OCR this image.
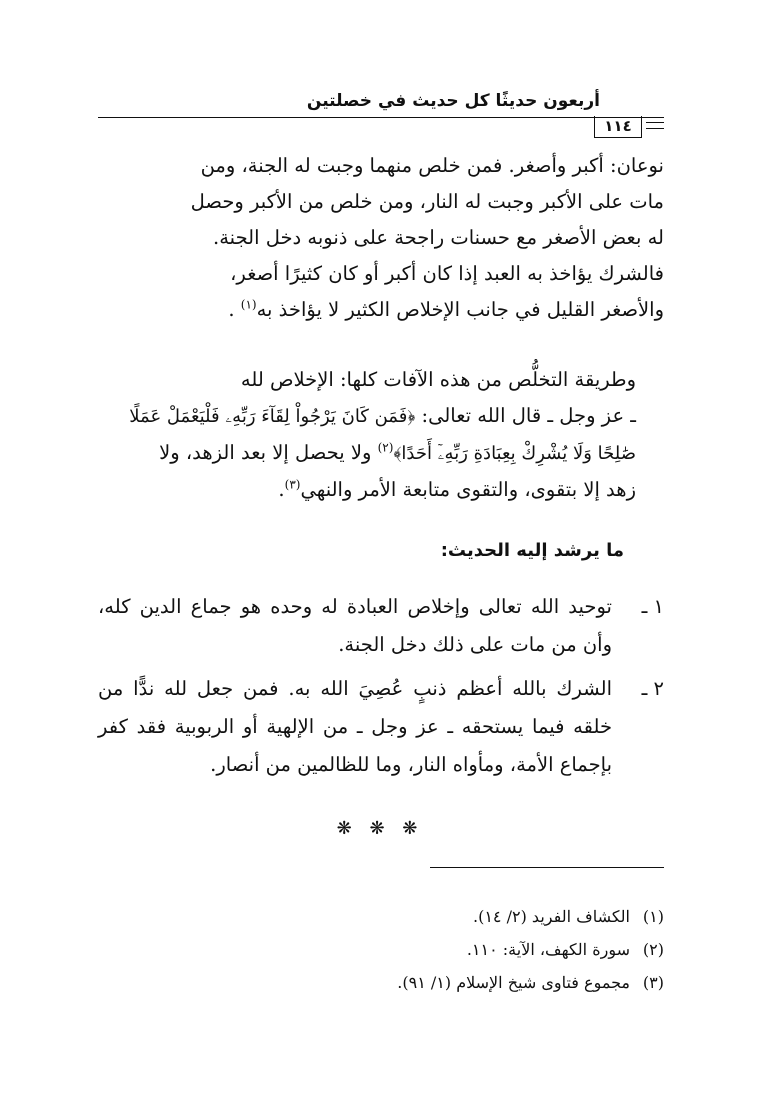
أربعون حديثًا كل حديث في خصلتين
١١٤
نوعان: أكبر وأصغر. فمن خلص منهما وجبت له الجنة، ومن
مات على الأكبر وجبت له النار، ومن خلص من الأكبر وحصل
له بعض الأصغر مع حسنات راجحة على ذنوبه دخل الجنة.
فالشرك يؤاخذ به العبد إذا كان أكبر أو كان كثيرًا أصغر،
والأصغر القليل في جانب الإخلاص الكثير لا يؤاخذ به$^{(١)}$ .
وطريقة التخلُّص من هذه الآفات كلها: الإخلاص لله
ـ عز وجل ـ قال الله تعالى: ﴿فَمَن كَانَ يَرْجُواْ لِقَآءَ رَبِّهِۦ فَلْيَعْمَلْ عَمَلًا
صَٰلِحًا وَلَا يُشْرِكْ بِعِبَادَةِ رَبِّهِۦٓ أَحَدًا﴾$^{(٢)}$ ولا يحصل إلا بعد الزهد، ولا
زهد إلا بتقوى، والتقوى متابعة الأمر والنهي$^{(٣)}$.
ما يرشد إليه الحديث:
١ ـ
توحيد الله تعالى وإخلاص العبادة له وحده هو جماع الدين كله، وأن من مات على ذلك دخل الجنة.
٢ ـ
الشرك بالله أعظم ذنبٍ عُصِيَ الله به. فمن جعل لله ندًّا من خلقه فيما يستحقه ـ عز وجل ـ من الإلهية أو الربوبية فقد كفر بإجماع الأمة، ومأواه النار، وما للظالمين من أنصار.
❋ ❋ ❋
(١)الكشاف الفريد (٢/ ١٤).
(٢)سورة الكهف، الآية: ١١٠.
(٣)مجموع فتاوى شيخ الإسلام (١/ ٩١).
